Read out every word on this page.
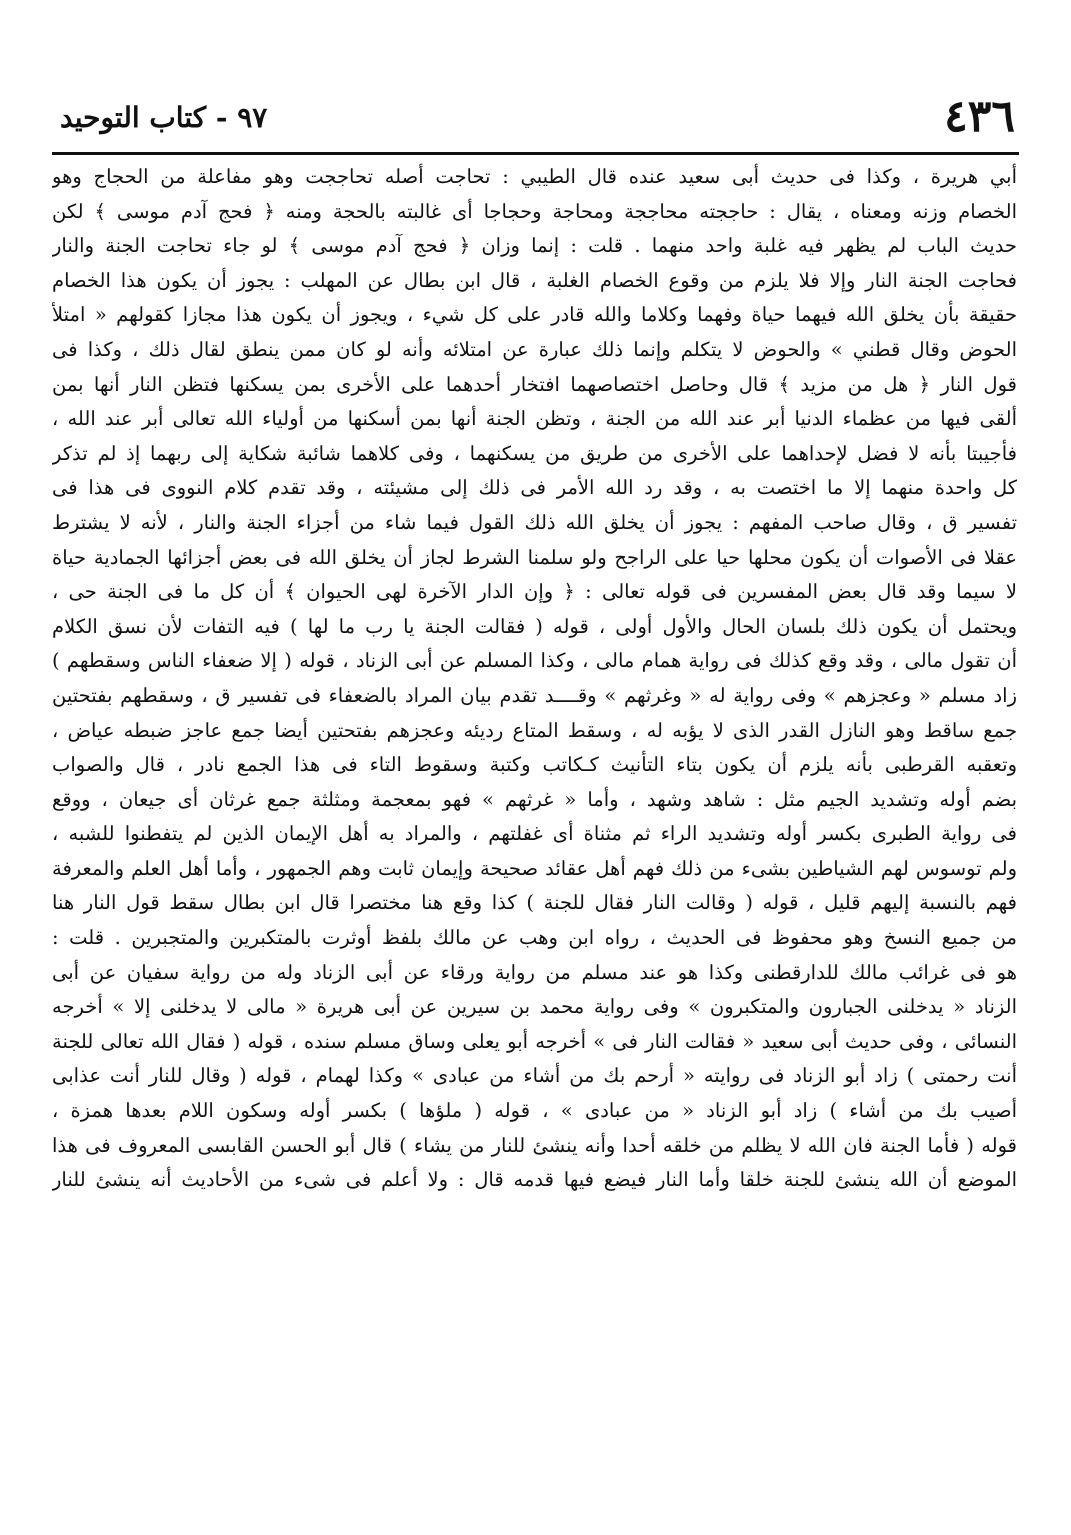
٤٣٦
٩٧ - كتاب التوحيد
أبي هريرة ، وكذا فى حديث أبى سعيد عنده قال الطيبي : تحاجت أصله تحاججت وهو مفاعلة من الحجاج وهو
الخصام وزنه ومعناه ، يقال : حاججته محاججة ومحاجة وحجاجا أى غالبته بالحجة ومنه ﴿ فحج آدم موسى ﴾ لكن
حديث الباب لم يظهر فيه غلبة واحد منهما . قلت : إنما وزان ﴿ فحج آدم موسى ﴾ لو جاء تحاجت الجنة والنار
فحاجت الجنة النار وإلا فلا يلزم من وقوع الخصام الغلبة ، قال ابن بطال عن المهلب : يجوز أن يكون هذا الخصام
حقيقة بأن يخلق الله فيهما حياة وفهما وكلاما والله قادر على كل شيء ، ويجوز أن يكون هذا مجازا كقولهم « امتلأ
الحوض وقال قطني » والحوض لا يتكلم وإنما ذلك عبارة عن امتلائه وأنه لو كان ممن ينطق لقال ذلك ، وكذا فى
قول النار ﴿ هل من مزيد ﴾ قال وحاصل اختصاصهما افتخار أحدهما على الأخرى بمن يسكنها فتظن النار أنها بمن
ألقى فيها من عظماء الدنيا أبر عند الله من الجنة ، وتظن الجنة أنها بمن أسكنها من أولياء الله تعالى أبر عند الله ،
فأجيبتا بأنه لا فضل لإحداهما على الأخرى من طريق من يسكنهما ، وفى كلاهما شائبة شكاية إلى ربهما إذ لم تذكر
كل واحدة منهما إلا ما اختصت به ، وقد رد الله الأمر فى ذلك إلى مشيئته ، وقد تقدم كلام النووى فى هذا فى
تفسير ق ، وقال صاحب المفهم : يجوز أن يخلق الله ذلك القول فيما شاء من أجزاء الجنة والنار ، لأنه لا يشترط
عقلا فى الأصوات أن يكون محلها حيا على الراجح ولو سلمنا الشرط لجاز أن يخلق الله فى بعض أجزائها الجمادية حياة
لا سيما وقد قال بعض المفسرين فى قوله تعالى : ﴿ وإن الدار الآخرة لهى الحيوان ﴾ أن كل ما فى الجنة حى ،
ويحتمل أن يكون ذلك بلسان الحال والأول أولى ، قوله ( فقالت الجنة يا رب ما لها ) فيه التفات لأن نسق الكلام
أن تقول مالى ، وقد وقع كذلك فى رواية همام مالى ، وكذا المسلم عن أبى الزناد ، قوله ( إلا ضعفاء الناس وسقطهم )
زاد مسلم « وعجزهم » وفى رواية له « وغرثهم » وقــــد تقدم بيان المراد بالضعفاء فى تفسير ق ، وسقطهم بفتحتين
جمع ساقط وهو النازل القدر الذى لا يؤبه له ، وسقط المتاع رديئه وعجزهم بفتحتين أيضا جمع عاجز ضبطه عياض ،
وتعقبه القرطبى بأنه يلزم أن يكون بتاء التأنيث كـكاتب وكتبة وسقوط التاء فى هذا الجمع نادر ، قال والصواب
بضم أوله وتشديد الجيم مثل : شاهد وشهد ، وأما « غرثهم » فهو بمعجمة ومثلثة جمع غرثان أى جيعان ، ووقع
فى رواية الطبرى بكسر أوله وتشديد الراء ثم مثناة أى غفلتهم ، والمراد به أهل الإيمان الذين لم يتفطنوا للشبه ،
ولم توسوس لهم الشياطين بشىء من ذلك فهم أهل عقائد صحيحة وإيمان ثابت وهم الجمهور ، وأما أهل العلم والمعرفة
فهم بالنسبة إليهم قليل ، قوله ( وقالت النار فقال للجنة ) كذا وقع هنا مختصرا قال ابن بطال سقط قول النار هنا
من جميع النسخ وهو محفوظ فى الحديث ، رواه ابن وهب عن مالك بلفظ أوثرت بالمتكبرين والمتجبرين . قلت :
هو فى غرائب مالك للدارقطنى وكذا هو عند مسلم من رواية ورقاء عن أبى الزناد وله من رواية سفيان عن أبى
الزناد « يدخلنى الجبارون والمتكبرون » وفى رواية محمد بن سيرين عن أبى هريرة « مالى لا يدخلنى إلا » أخرجه
النسائى ، وفى حديث أبى سعيد « فقالت النار فى » أخرجه أبو يعلى وساق مسلم سنده ، قوله ( فقال الله تعالى للجنة
أنت رحمتى ) زاد أبو الزناد فى روايته « أرحم بك من أشاء من عبادى » وكذا لهمام ، قوله ( وقال للنار أنت عذابى
أصيب بك من أشاء ) زاد أبو الزناد « من عبادى » ، قوله ( ملؤها ) بكسر أوله وسكون اللام بعدها همزة ،
قوله ( فأما الجنة فان الله لا يظلم من خلقه أحدا وأنه ينشئ للنار من يشاء ) قال أبو الحسن القابسى المعروف فى هذا
الموضع أن الله ينشئ للجنة خلقا وأما النار فيضع فيها قدمه قال : ولا أعلم فى شىء من الأحاديث أنه ينشئ للنار
